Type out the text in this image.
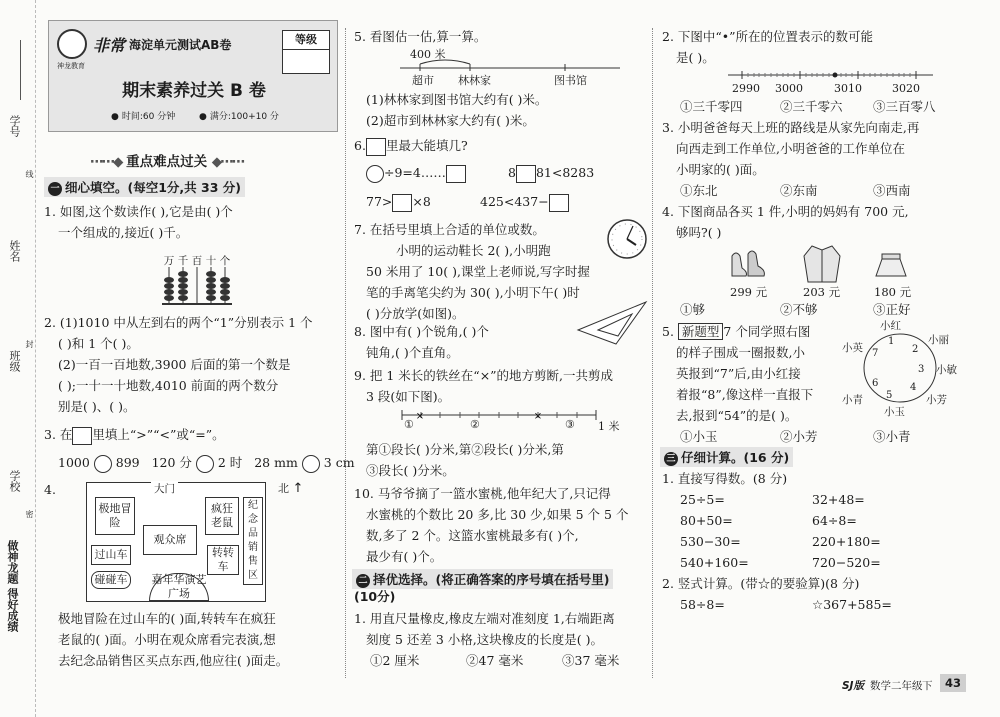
学号
姓名
班级
学校
线
封
密
做神龙题 得好成绩
神龙教育
非常 海淀单元测试AB卷
期末素养过关 B 卷
● 时间:60 分钟	● 满分:100+10 分
等级
⋯⋯◆ 重点难点过关 ◆⋯⋯
一 细心填空。(每空1分,共 33 分)
1. 如图,这个数读作( ),它是由( )个
一个组成的,接近( )千。
万 千 百 十 个
2. (1)1010 中从左到右的两个“1”分别表示 1 个
( )和 1 个( )。
(2)一百一百地数,3900 后面的第一个数是
( );一十一十地数,4010 前面的两个数分
别是( )、( )。
3. 在 里填上“>”“<”或“=”。
1000 899 120 分 2 时 28 mm 3 cm
4.	大门
极地冒险
疯狂老鼠
纪念品销售区
观众席
过山车	转转车
碰碰车	嘉年华演艺广场
北 ↑
极地冒险在过山车的( )面,转转车在疯狂
老鼠的( )面。小明在观众席看完表演,想
去纪念品销售区买点东西,他应往( )面走。
5. 看图估一估,算一算。
400 米
超市 林林家	图书馆
(1)林林家到图书馆大约有( )米。
(2)超市到林林家大约有( )米。
6. 里最大能填几?
÷9=4……	8 81<8283
77> ×8	425<437−
7. 在括号里填上合适的单位或数。
小明的运动鞋长 2( ),小明跑
50 米用了 10( ),课堂上老师说,写字时握
笔的手离笔尖约为 30( ),小明下午( )时
( )分放学(如图)。
8. 图中有( )个锐角,( )个
钝角,( )个直角。
9. 把 1 米长的铁丝在“×”的地方剪断,一共剪成
3 段(如下图)。
×	×
①	②	③ 1 米
第①段长( )分米,第②段长( )分米,第
③段长( )分米。
10. 马爷爷摘了一篮水蜜桃,他年纪大了,只记得
水蜜桃的个数比 20 多,比 30 少,如果 5 个 5 个
数,多了 2 个。这篮水蜜桃最多有( )个,
最少有( )个。
二 择优选择。(将正确答案的序号填在括号里)
(10分)
1. 用直尺量橡皮,橡皮左端对准刻度 1,右端距离
刻度 5 还差 3 小格,这块橡皮的长度是( )。
①2 厘米	②47 毫米	③37 毫米
2. 下图中“•”所在的位置表示的数可能
是( )。
2990 3000	3010	3020
①三千零四	②三千零六 ③三百零八
3. 小明爸爸每天上班的路线是从家先向南走,再
向西走到工作单位,小明爸爸的工作单位在
小明家的( )面。
①东北	②东南	③西南
4. 下图商品各买 1 件,小明的妈妈有 700 元,
够吗?( )
299 元	203 元	180 元
①够	②不够	③正好
5. 新题型 7 个同学照右图
的样子围成一圈报数,小
英报到“7”后,由小红接
着报“8”,像这样一直报下
去,报到“54”的是( )。
1
2
3
4
5
6
7
小红
小丽
小敏
小芳
小玉
小青
小英
①小玉	②小芳	③小青
三 仔细计算。(16 分)
1. 直接写得数。(8 分)
25÷5=	32+48=
80+50=	64÷8=
530−30=	220+180=
540+160=	720−520=
2. 竖式计算。(带☆的要验算)(8 分)
58÷8=	☆367+585=
SJ版 数学二年级 下	43
